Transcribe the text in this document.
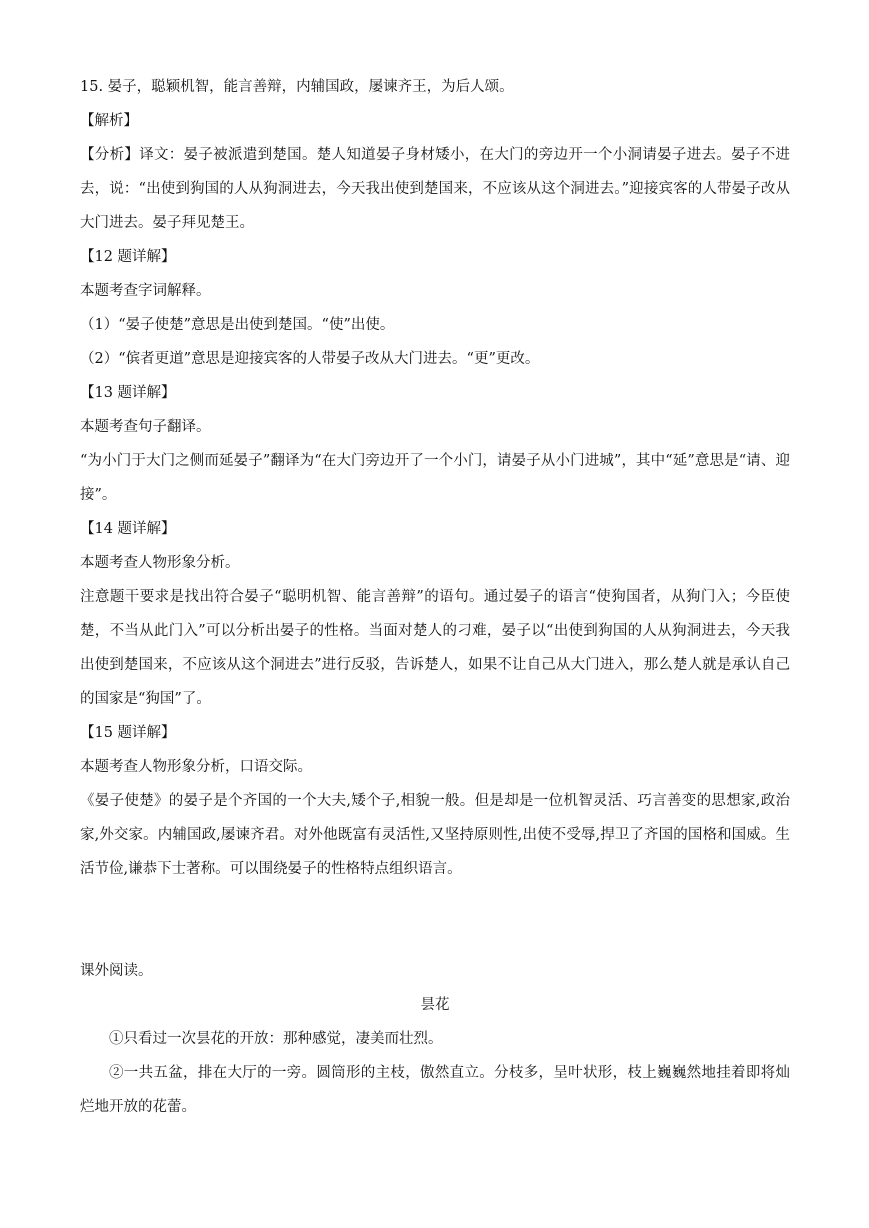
15. 晏子，聪颖机智，能言善辩，内辅国政，屡谏齐王，为后人颂。
【解析】
【分析】译文：晏子被派遣到楚国。楚人知道晏子身材矮小，在大门的旁边开一个小洞请晏子进去。晏子不进去，说：“出使到狗国的人从狗洞进去，今天我出使到楚国来，不应该从这个洞进去。”迎接宾客的人带晏子改从大门进去。晏子拜见楚王。
【12 题详解】
本题考查字词解释。
（1）“晏子使楚”意思是出使到楚国。“使”出使。
（2）“傧者更道”意思是迎接宾客的人带晏子改从大门进去。“更”更改。
【13 题详解】
本题考查句子翻译。
“为小门于大门之侧而延晏子”翻译为“在大门旁边开了一个小门，请晏子从小门进城”，其中“延”意思是“请、迎接”。
【14 题详解】
本题考查人物形象分析。
注意题干要求是找出符合晏子“聪明机智、能言善辩”的语句。通过晏子的语言“使狗国者，从狗门入；今臣使楚，不当从此门入”可以分析出晏子的性格。当面对楚人的刁难，晏子以“出使到狗国的人从狗洞进去，今天我出使到楚国来，不应该从这个洞进去”进行反驳，告诉楚人，如果不让自己从大门进入，那么楚人就是承认自己的国家是“狗国”了。
【15 题详解】
本题考查人物形象分析，口语交际。
《晏子使楚》的晏子是个齐国的一个大夫,矮个子,相貌一般。但是却是一位机智灵活、巧言善变的思想家,政治家,外交家。内辅国政,屡谏齐君。对外他既富有灵活性,又坚持原则性,出使不受辱,捍卫了齐国的国格和国威。生活节俭,谦恭下士著称。可以围绕晏子的性格特点组织语言。
课外阅读。
昙花
①只看过一次昙花的开放：那种感觉，凄美而壮烈。
②一共五盆，排在大厅的一旁。圆筒形的主枝，傲然直立。分枝多，呈叶状形，枝上巍巍然地挂着即将灿烂地开放的花蕾。
